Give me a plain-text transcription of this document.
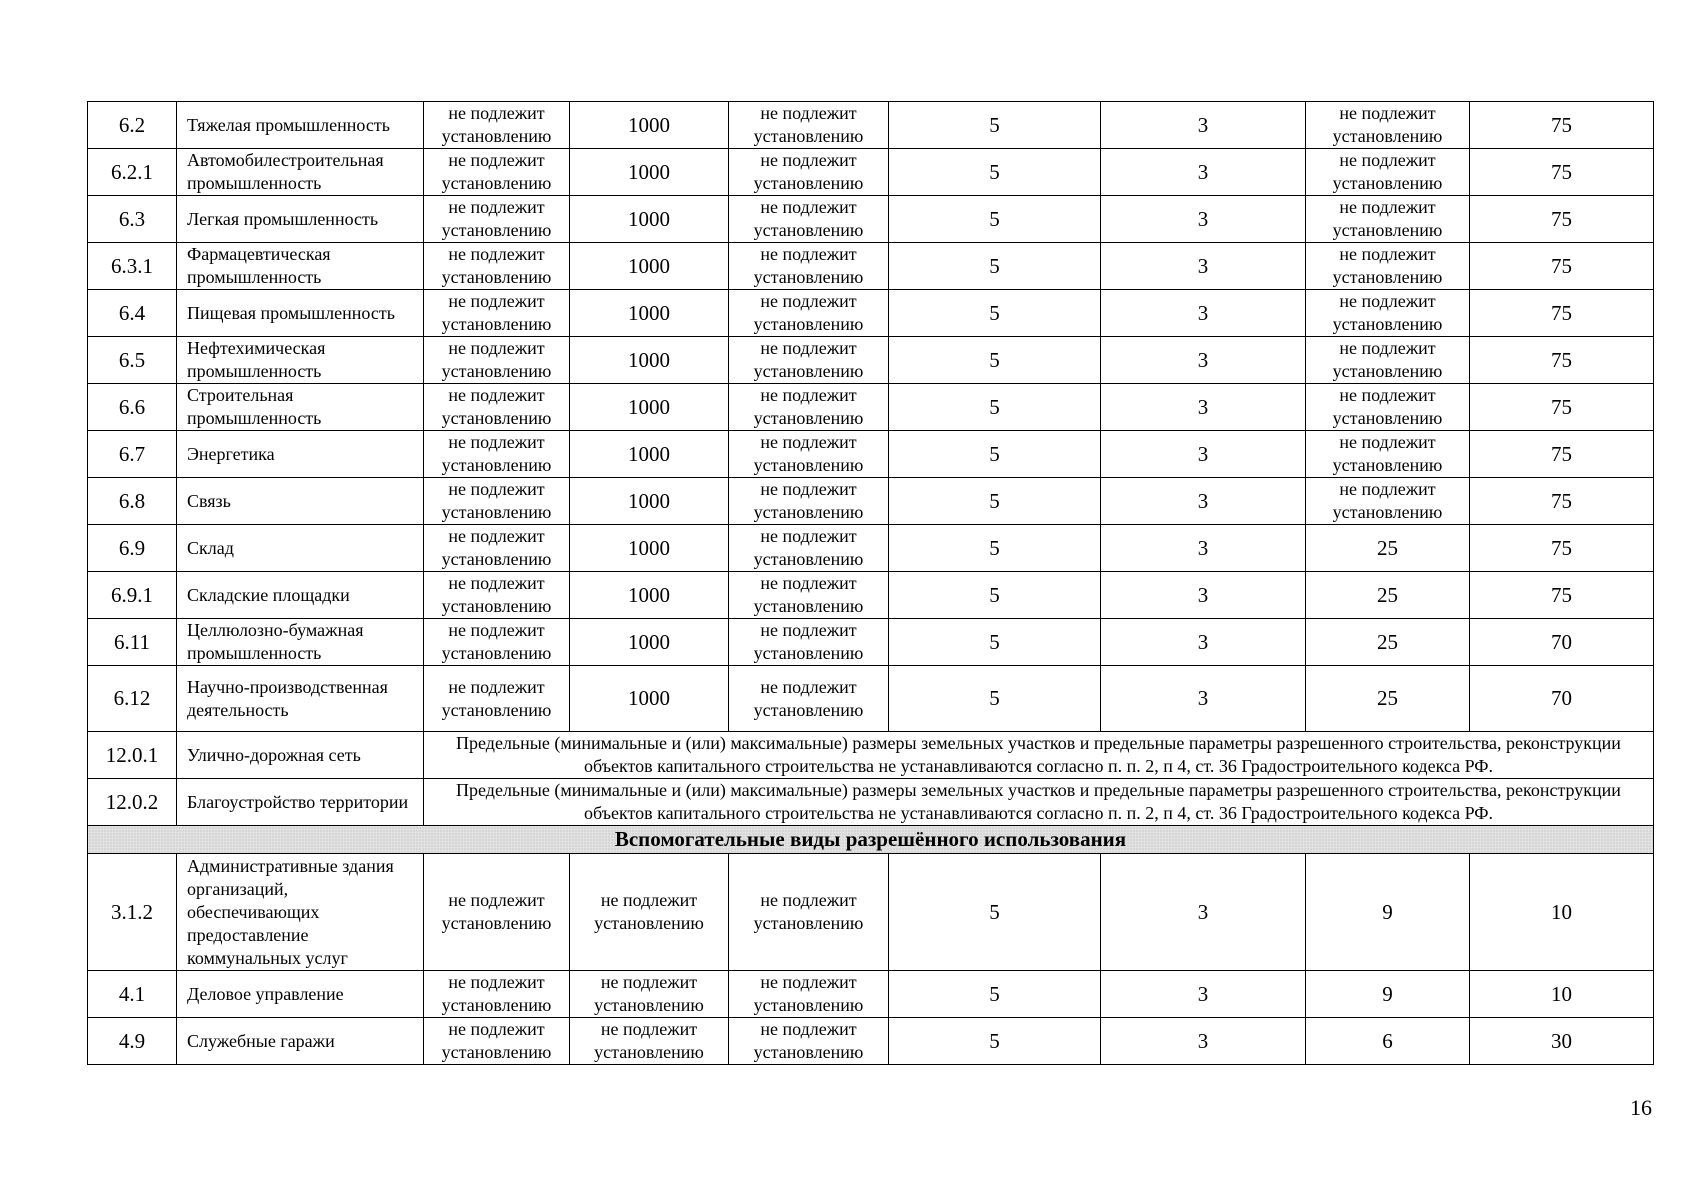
6.2	Тяжелая промышленность	не подлежит установлению	1000	не подлежит установлению	5	3	не подлежит установлению	75
6.2.1	Автомобилестроительная промышленность	не подлежит установлению	1000	не подлежит установлению	5	3	не подлежит установлению	75
6.3	Легкая промышленность	не подлежит установлению	1000	не подлежит установлению	5	3	не подлежит установлению	75
6.3.1	Фармацевтическая промышленность	не подлежит установлению	1000	не подлежит установлению	5	3	не подлежит установлению	75
6.4	Пищевая промышленность	не подлежит установлению	1000	не подлежит установлению	5	3	не подлежит установлению	75
6.5	Нефтехимическая промышленность	не подлежит установлению	1000	не подлежит установлению	5	3	не подлежит установлению	75
6.6	Строительная промышленность	не подлежит установлению	1000	не подлежит установлению	5	3	не подлежит установлению	75
6.7	Энергетика	не подлежит установлению	1000	не подлежит установлению	5	3	не подлежит установлению	75
6.8	Связь	не подлежит установлению	1000	не подлежит установлению	5	3	не подлежит установлению	75
6.9	Склад	не подлежит установлению	1000	не подлежит установлению	5	3	25	75
6.9.1	Складские площадки	не подлежит установлению	1000	не подлежит установлению	5	3	25	75
6.11	Целлюлозно-бумажная промышленность	не подлежит установлению	1000	не подлежит установлению	5	3	25	70
6.12	Научно-производственная деятельность	не подлежит установлению	1000	не подлежит установлению	5	3	25	70
12.0.1	Улично-дорожная сеть	Предельные (минимальные и (или) максимальные) размеры земельных участков и предельные параметры разрешенного строительства, реконструкции объектов капитального строительства не устанавливаются согласно п. п. 2, п 4, ст. 36 Градостроительного кодекса РФ.						
12.0.2	Благоустройство территории	Предельные (минимальные и (или) максимальные) размеры земельных участков и предельные параметры разрешенного строительства, реконструкции объектов капитального строительства не устанавливаются согласно п. п. 2, п 4, ст. 36 Градостроительного кодекса РФ.						
Вспомогательные виды разрешённого использования								
3.1.2	Административные здания организаций, обеспечивающих предоставление коммунальных услуг	не подлежит установлению	не подлежит установлению	не подлежит установлению	5	3	9	10
4.1	Деловое управление	не подлежит установлению	не подлежит установлению	не подлежит установлению	5	3	9	10
4.9	Служебные гаражи	не подлежит установлению	не подлежит установлению	не подлежит установлению	5	3	6	30
16
